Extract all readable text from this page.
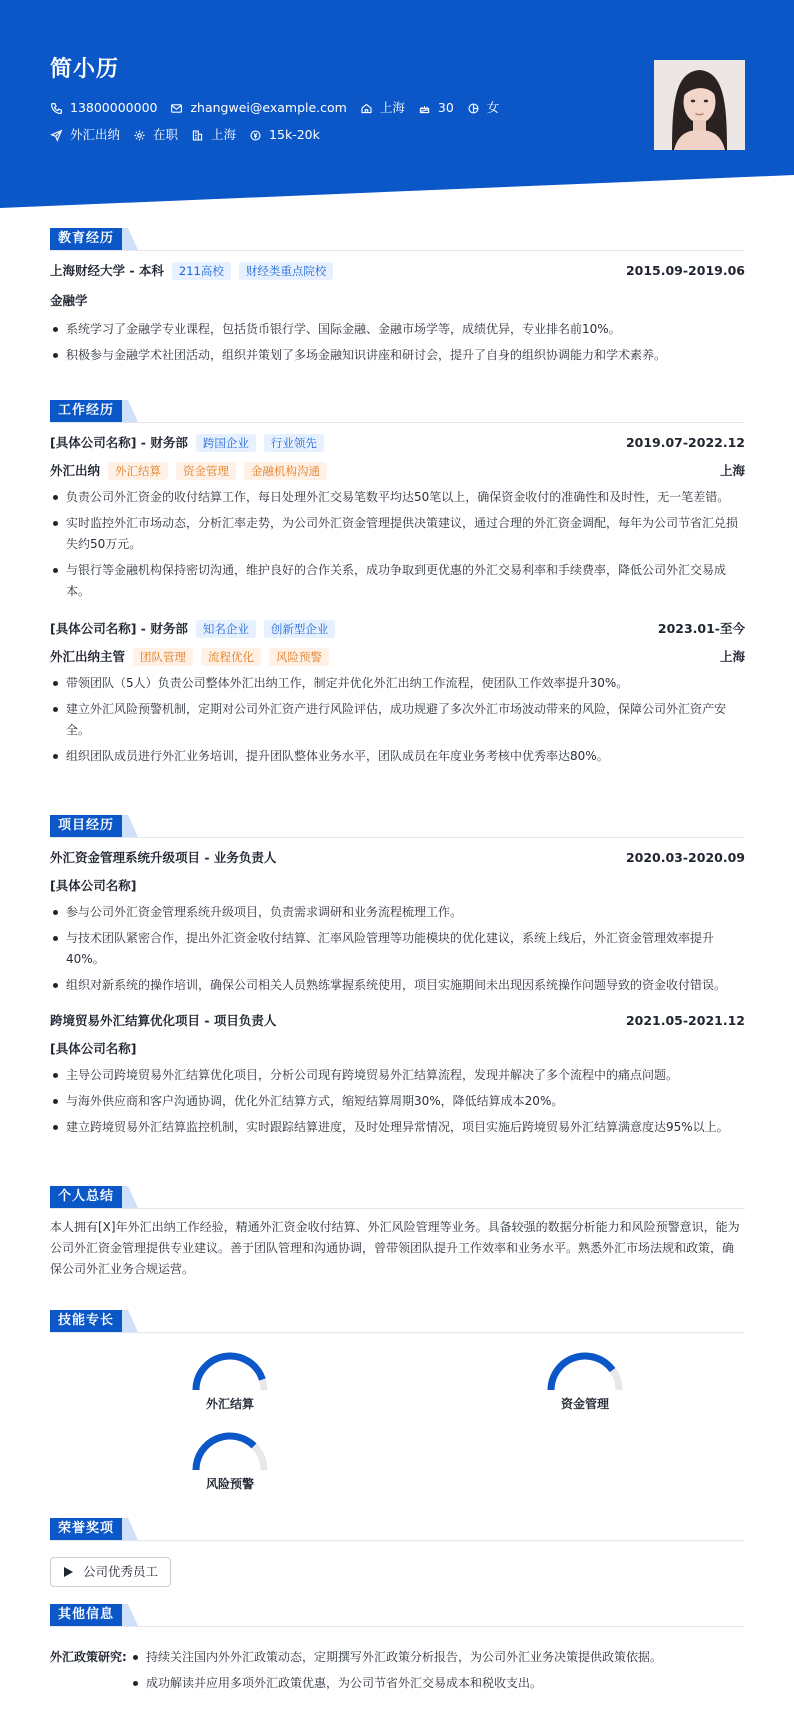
简小历
13800000000	zhangwei@example.com	上海	30	女
外汇出纳	在职	上海	15k-20k
教育经历
上海财经大学 - 本科	211高校	财经类重点院校	2015.09-2019.06
金融学
系统学习了金融学专业课程，包括货币银行学、国际金融、金融市场学等，成绩优异，专业排名前10%。
积极参与金融学术社团活动，组织并策划了多场金融知识讲座和研讨会，提升了自身的组织协调能力和学术素养。
工作经历
[具体公司名称] - 财务部	跨国企业	行业领先	2019.07-2022.12
外汇出纳	外汇结算	资金管理	金融机构沟通	上海
负责公司外汇资金的收付结算工作，每日处理外汇交易笔数平均达50笔以上，确保资金收付的准确性和及时性，无一笔差错。
实时监控外汇市场动态，分析汇率走势，为公司外汇资金管理提供决策建议，通过合理的外汇资金调配，每年为公司节省汇兑损失约50万元。
与银行等金融机构保持密切沟通，维护良好的合作关系，成功争取到更优惠的外汇交易利率和手续费率，降低公司外汇交易成本。
[具体公司名称] - 财务部	知名企业	创新型企业	2023.01-至今
外汇出纳主管	团队管理	流程优化	风险预警	上海
带领团队（5人）负责公司整体外汇出纳工作，制定并优化外汇出纳工作流程，使团队工作效率提升30%。
建立外汇风险预警机制，定期对公司外汇资产进行风险评估，成功规避了多次外汇市场波动带来的风险，保障公司外汇资产安全。
组织团队成员进行外汇业务培训，提升团队整体业务水平，团队成员在年度业务考核中优秀率达80%。
项目经历
外汇资金管理系统升级项目 - 业务负责人	2020.03-2020.09
[具体公司名称]
参与公司外汇资金管理系统升级项目，负责需求调研和业务流程梳理工作。
与技术团队紧密合作，提出外汇资金收付结算、汇率风险管理等功能模块的优化建议，系统上线后，外汇资金管理效率提升40%。
组织对新系统的操作培训，确保公司相关人员熟练掌握系统使用，项目实施期间未出现因系统操作问题导致的资金收付错误。
跨境贸易外汇结算优化项目 - 项目负责人	2021.05-2021.12
[具体公司名称]
主导公司跨境贸易外汇结算优化项目，分析公司现有跨境贸易外汇结算流程，发现并解决了多个流程中的痛点问题。
与海外供应商和客户沟通协调，优化外汇结算方式，缩短结算周期30%，降低结算成本20%。
建立跨境贸易外汇结算监控机制，实时跟踪结算进度，及时处理异常情况，项目实施后跨境贸易外汇结算满意度达95%以上。
个人总结
本人拥有[X]年外汇出纳工作经验，精通外汇资金收付结算、外汇风险管理等业务。具备较强的数据分析能力和风险预警意识，能为公司外汇资金管理提供专业建议。善于团队管理和沟通协调，曾带领团队提升工作效率和业务水平。熟悉外汇市场法规和政策，确保公司外汇业务合规运营。
技能专长
外汇结算	资金管理
风险预警
荣誉奖项
公司优秀员工
其他信息
外汇政策研究:	持续关注国内外外汇政策动态，定期撰写外汇政策分析报告，为公司外汇业务决策提供政策依据。
成功解读并应用多项外汇政策优惠，为公司节省外汇交易成本和税收支出。
